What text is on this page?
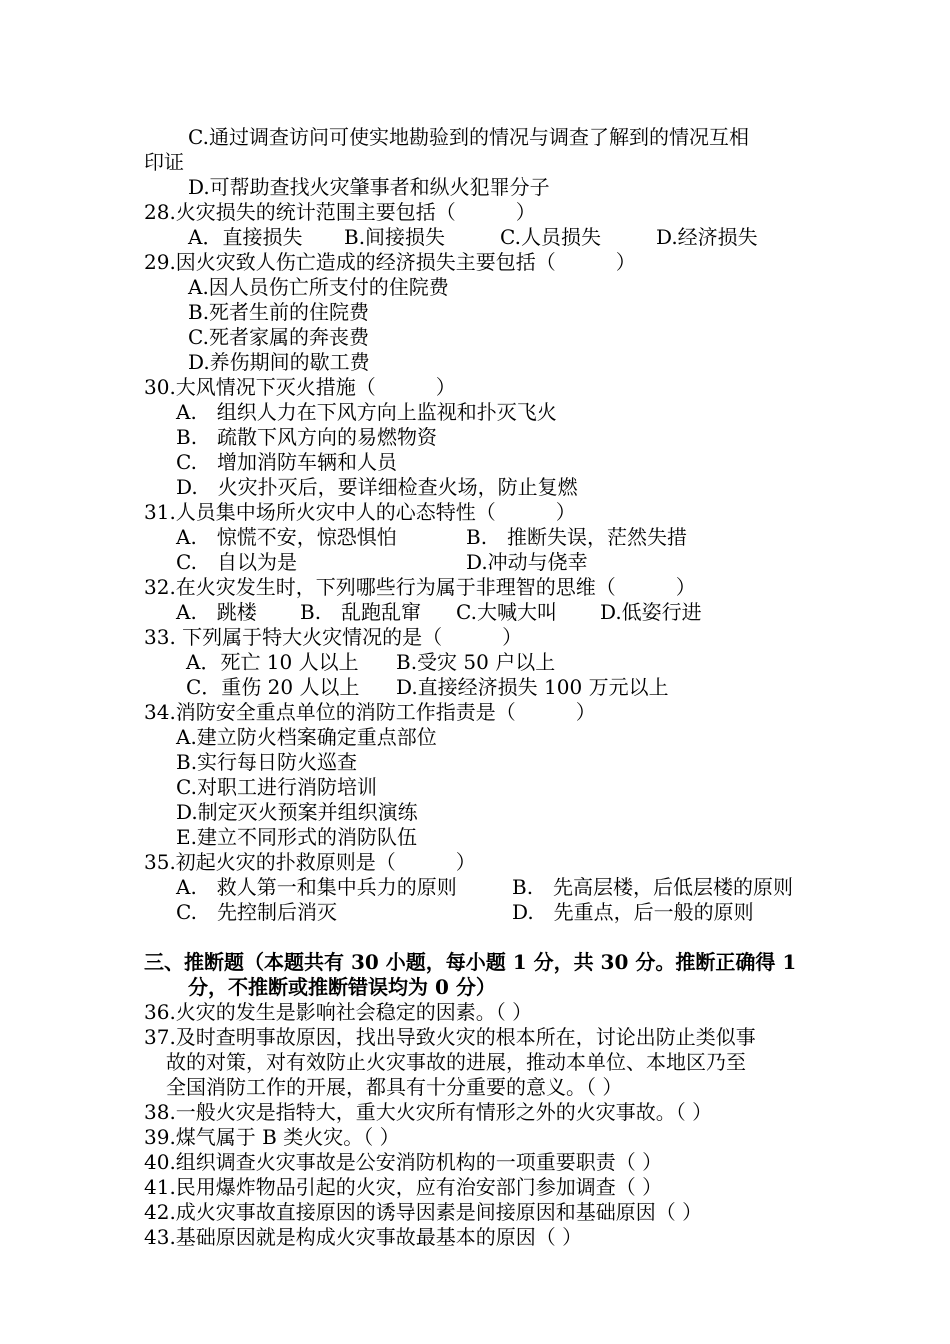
C.通过调查访问可使实地勘验到的情况与调查了解到的情况互相
印证
D.可帮助查找火灾肇事者和纵火犯罪分子
28.火灾损失的统计范围主要包括（　　　）
A．直接损失 B.间接损失	C.人员损失	D.经济损失
29.因火灾致人伤亡造成的经济损失主要包括（　　　）
A.因人员伤亡所支付的住院费
B.死者生前的住院费
C.死者家属的奔丧费
D.养伤期间的歇工费
30.大风情况下灭火措施（　　　）
A.　组织人力在下风方向上监视和扑灭飞火
B.　疏散下风方向的易燃物资
C.　增加消防车辆和人员
D.　火灾扑灭后，要详细检查火场，防止复燃
31.人员集中场所火灾中人的心态特性（　　　）
A.　惊慌不安，惊恐惧怕	B.　推断失误，茫然失措
C.　自以为是	D.冲动与侥幸
32.在火灾发生时，下列哪些行为属于非理智的思维（　　　）
A.　跳楼 B.　乱跑乱窜 C.大喊大叫 D.低姿行进
33. 下列属于特大火灾情况的是（　　　）
A．死亡 10 人以上 B.受灾 50 户以上
C．重伤 20 人以上 D.直接经济损失 100 万元以上
34.消防安全重点单位的消防工作指责是（　　　）
A.建立防火档案确定重点部位
B.实行每日防火巡查
C.对职工进行消防培训
D.制定灭火预案并组织演练
E.建立不同形式的消防队伍
35.初起火灾的扑救原则是（　　　）
A.　救人第一和集中兵力的原则	B.　先高层楼，后低层楼的原则
C.　先控制后消灭	D.　先重点，后一般的原则
三、推断题（本题共有 30 小题，每小题 1 分，共 30 分。推断正确得 1
分，不推断或推断错误均为 0 分）
36.火灾的发生是影响社会稳定的因素。（ ）
37.及时查明事故原因，找出导致火灾的根本所在，讨论出防止类似事
故的对策，对有效防止火灾事故的进展，推动本单位、本地区乃至
全国消防工作的开展，都具有十分重要的意义。（ ）
38.一般火灾是指特大，重大火灾所有情形之外的火灾事故。（ ）
39.煤气属于 B 类火灾。（ ）
40.组织调查火灾事故是公安消防机构的一项重要职责（ ）
41.民用爆炸物品引起的火灾，应有治安部门参加调查（ ）
42.成火灾事故直接原因的诱导因素是间接原因和基础原因（ ）
43.基础原因就是构成火灾事故最基本的原因（ ）
